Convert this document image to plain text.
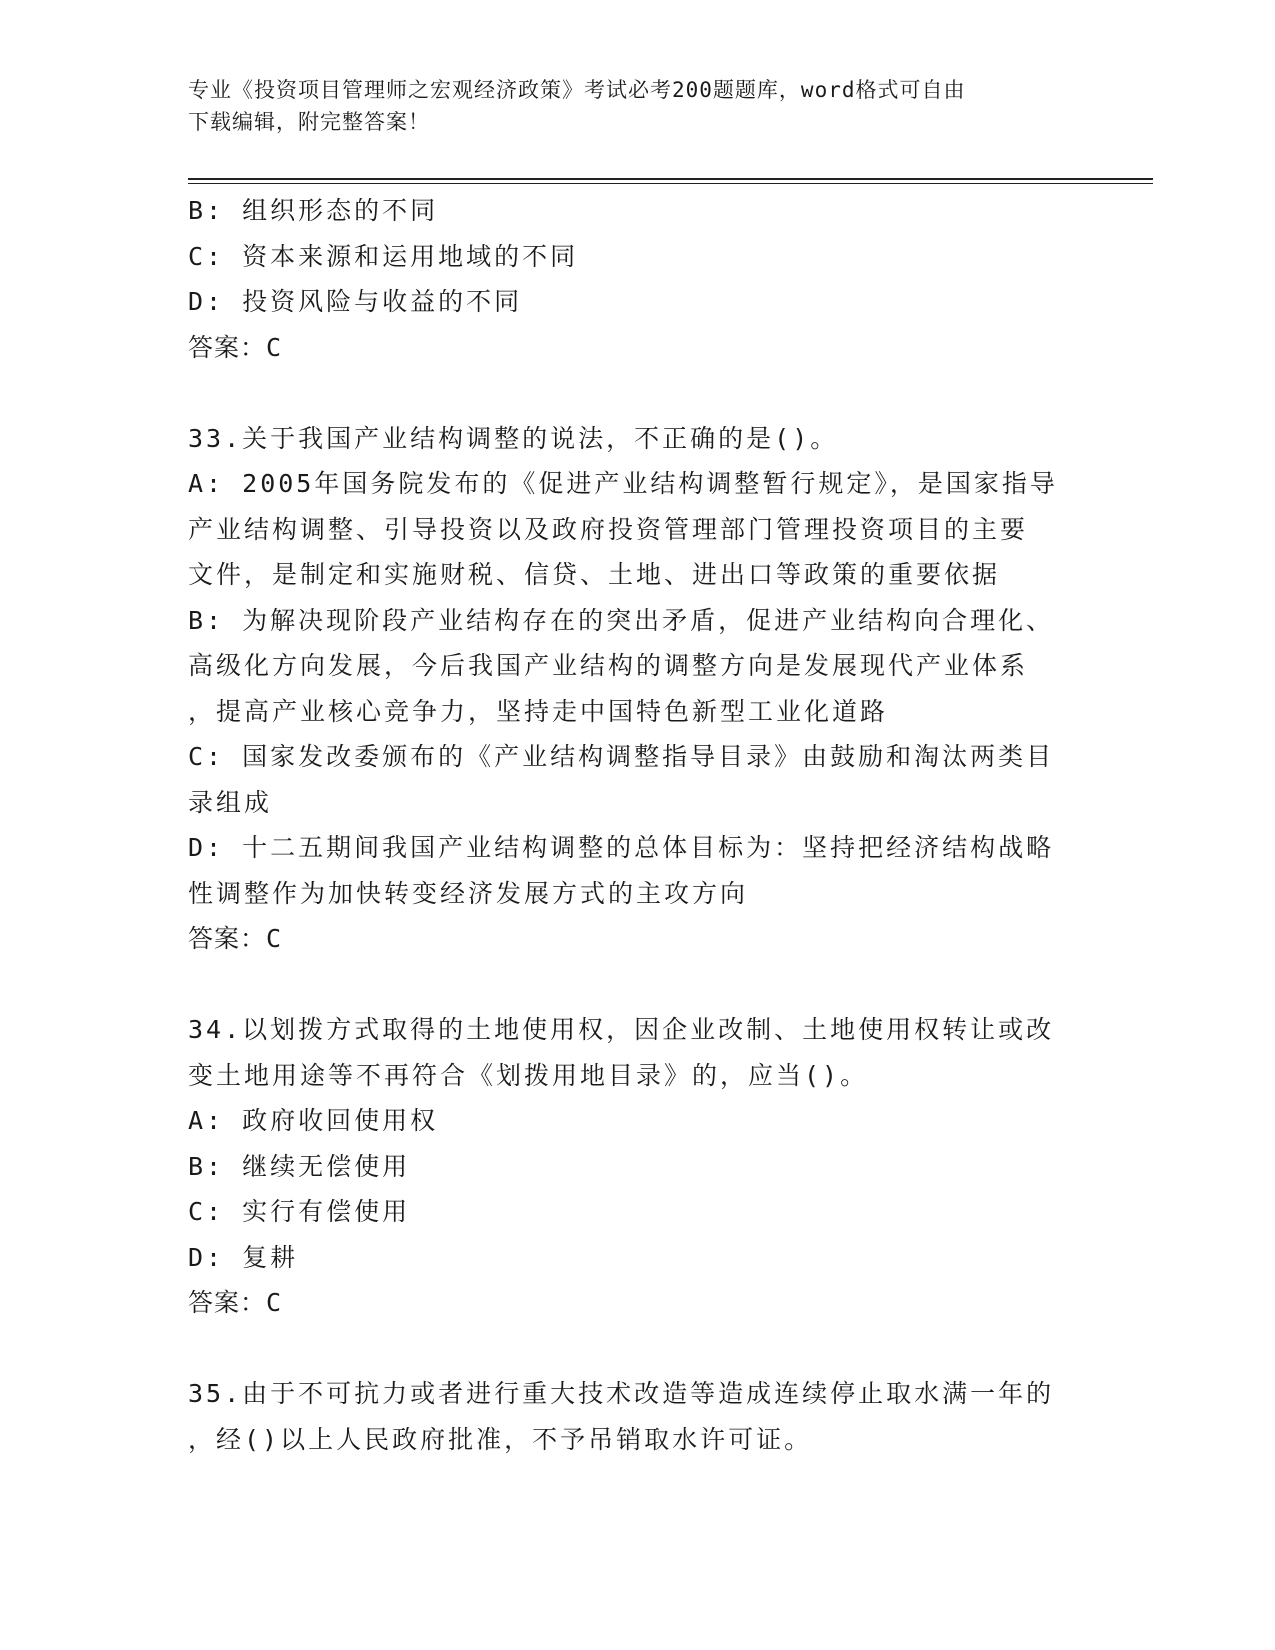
专业《投资项目管理师之宏观经济政策》考试必考200题题库，word格式可自由
下载编辑，附完整答案！
B: 组织形态的不同
C: 资本来源和运用地域的不同
D: 投资风险与收益的不同
答案：C
33.关于我国产业结构调整的说法，不正确的是()。
A: 2005年国务院发布的《促进产业结构调整暂行规定》，是国家指导
产业结构调整、引导投资以及政府投资管理部门管理投资项目的主要
文件，是制定和实施财税、信贷、土地、进出口等政策的重要依据
B: 为解决现阶段产业结构存在的突出矛盾，促进产业结构向合理化、
高级化方向发展，今后我国产业结构的调整方向是发展现代产业体系
，提高产业核心竞争力，坚持走中国特色新型工业化道路
C: 国家发改委颁布的《产业结构调整指导目录》由鼓励和淘汰两类目
录组成
D: 十二五期间我国产业结构调整的总体目标为：坚持把经济结构战略
性调整作为加快转变经济发展方式的主攻方向
答案：C
34.以划拨方式取得的土地使用权，因企业改制、土地使用权转让或改
变土地用途等不再符合《划拨用地目录》的，应当()。
A: 政府收回使用权
B: 继续无偿使用
C: 实行有偿使用
D: 复耕
答案：C
35.由于不可抗力或者进行重大技术改造等造成连续停止取水满一年的
，经()以上人民政府批准，不予吊销取水许可证。
